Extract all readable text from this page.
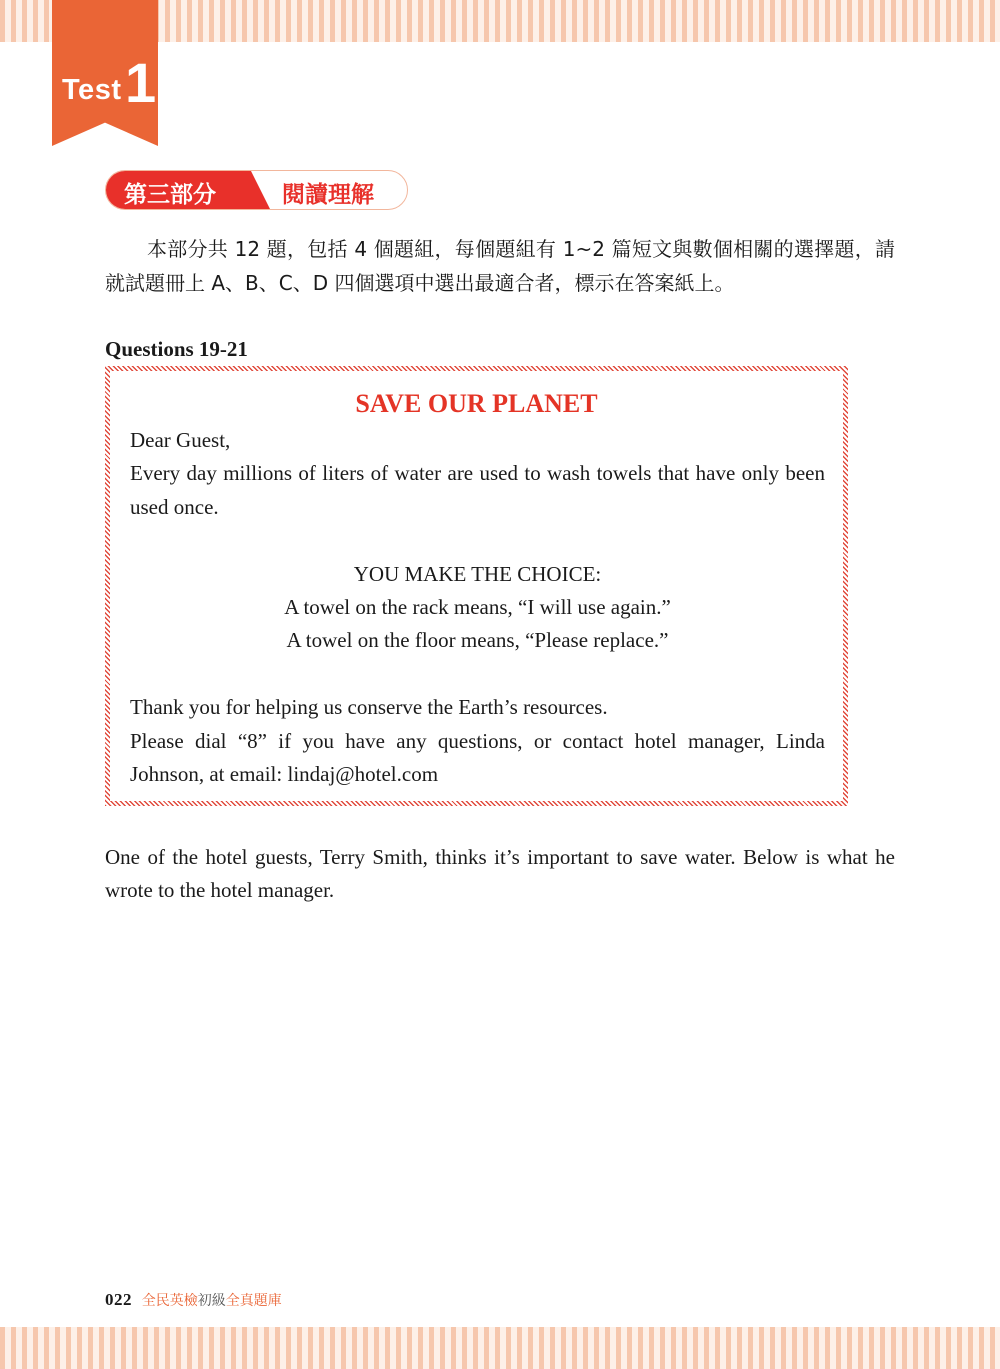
Test 1
第三部分	閱讀理解

本部分共 12 題，包括 4 個題組，每個題組有 1~2 篇短文與數個相關的選擇題，請就試題冊上 A、B、C、D 四個選項中選出最適合者，標示在答案紙上。

Questions 19-21
SAVE OUR PLANET

Dear Guest,

Every day millions of liters of water are used to wash towels that have only been used once.

YOU MAKE THE CHOICE:

A towel on the rack means, “I will use again.”

A towel on the floor means, “Please replace.”

Thank you for helping us conserve the Earth’s resources.

Please dial “8” if you have any questions, or contact hotel manager, Linda Johnson, at email: lindaj@hotel.com

One of the hotel guests, Terry Smith, thinks it’s important to save water. Below is what he wrote to the hotel manager.

022 全民英檢初級全真題庫
